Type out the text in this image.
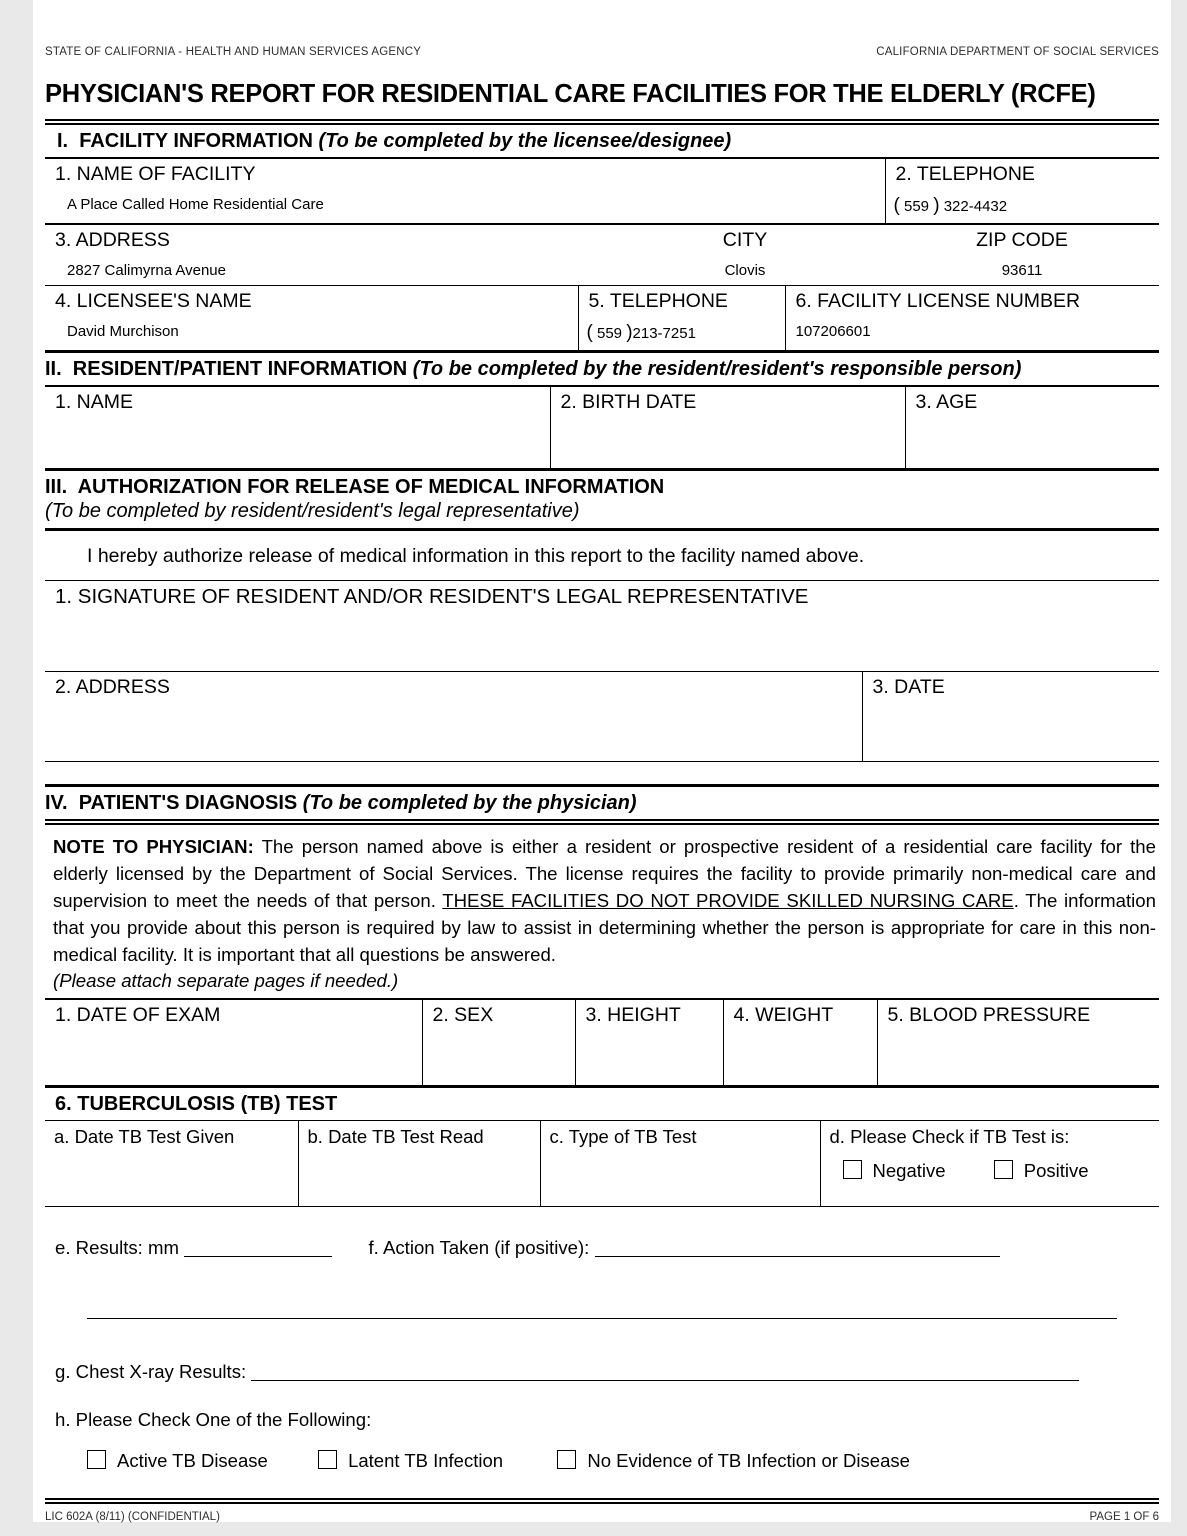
STATE OF CALIFORNIA - HEALTH AND HUMAN SERVICES AGENCY	CALIFORNIA DEPARTMENT OF SOCIAL SERVICES
PHYSICIAN'S REPORT FOR RESIDENTIAL CARE FACILITIES FOR THE ELDERLY (RCFE)
I. FACILITY INFORMATION (To be completed by the licensee/designee)
1. NAME OF FACILITY
A Place Called Home Residential Care

2. TELEPHONE
( 559 ) 322-4432
3. ADDRESS
2827 Calimyrna Avenue

CITY
Clovis

ZIP CODE
93611
4. LICENSEE'S NAME
David Murchison

5. TELEPHONE
( 559 )213-7251

6. FACILITY LICENSE NUMBER
107206601
II. RESIDENT/PATIENT INFORMATION (To be completed by the resident/resident's responsible person)
1. NAME	2. BIRTH DATE	3. AGE
III. AUTHORIZATION FOR RELEASE OF MEDICAL INFORMATION
(To be completed by resident/resident's legal representative)
I hereby authorize release of medical information in this report to the facility named above.
1. SIGNATURE OF RESIDENT AND/OR RESIDENT'S LEGAL REPRESENTATIVE
2. ADDRESS	3. DATE
IV. PATIENT'S DIAGNOSIS (To be completed by the physician)
NOTE TO PHYSICIAN: The person named above is either a resident or prospective resident of a residential care facility for the elderly licensed by the Department of Social Services. The license requires the facility to provide primarily non-medical care and supervision to meet the needs of that person. THESE FACILITIES DO NOT PROVIDE SKILLED NURSING CARE. The information that you provide about this person is required by law to assist in determining whether the person is appropriate for care in this non-medical facility. It is important that all questions be answered.
(Please attach separate pages if needed.)
1. DATE OF EXAM	2. SEX	3. HEIGHT	4. WEIGHT	5. BLOOD PRESSURE
6. TUBERCULOSIS (TB) TEST
a. Date TB Test Given	b. Date TB Test Read	c. Type of TB Test	d. Please Check if TB Test is:
Negative	Positive
e. Results: mm	f. Action Taken (if positive):
g. Chest X-ray Results:
h. Please Check One of the Following:
Active TB Disease	Latent TB Infection	No Evidence of TB Infection or Disease
LIC 602A (8/11) (CONFIDENTIAL)	PAGE 1 OF 6
